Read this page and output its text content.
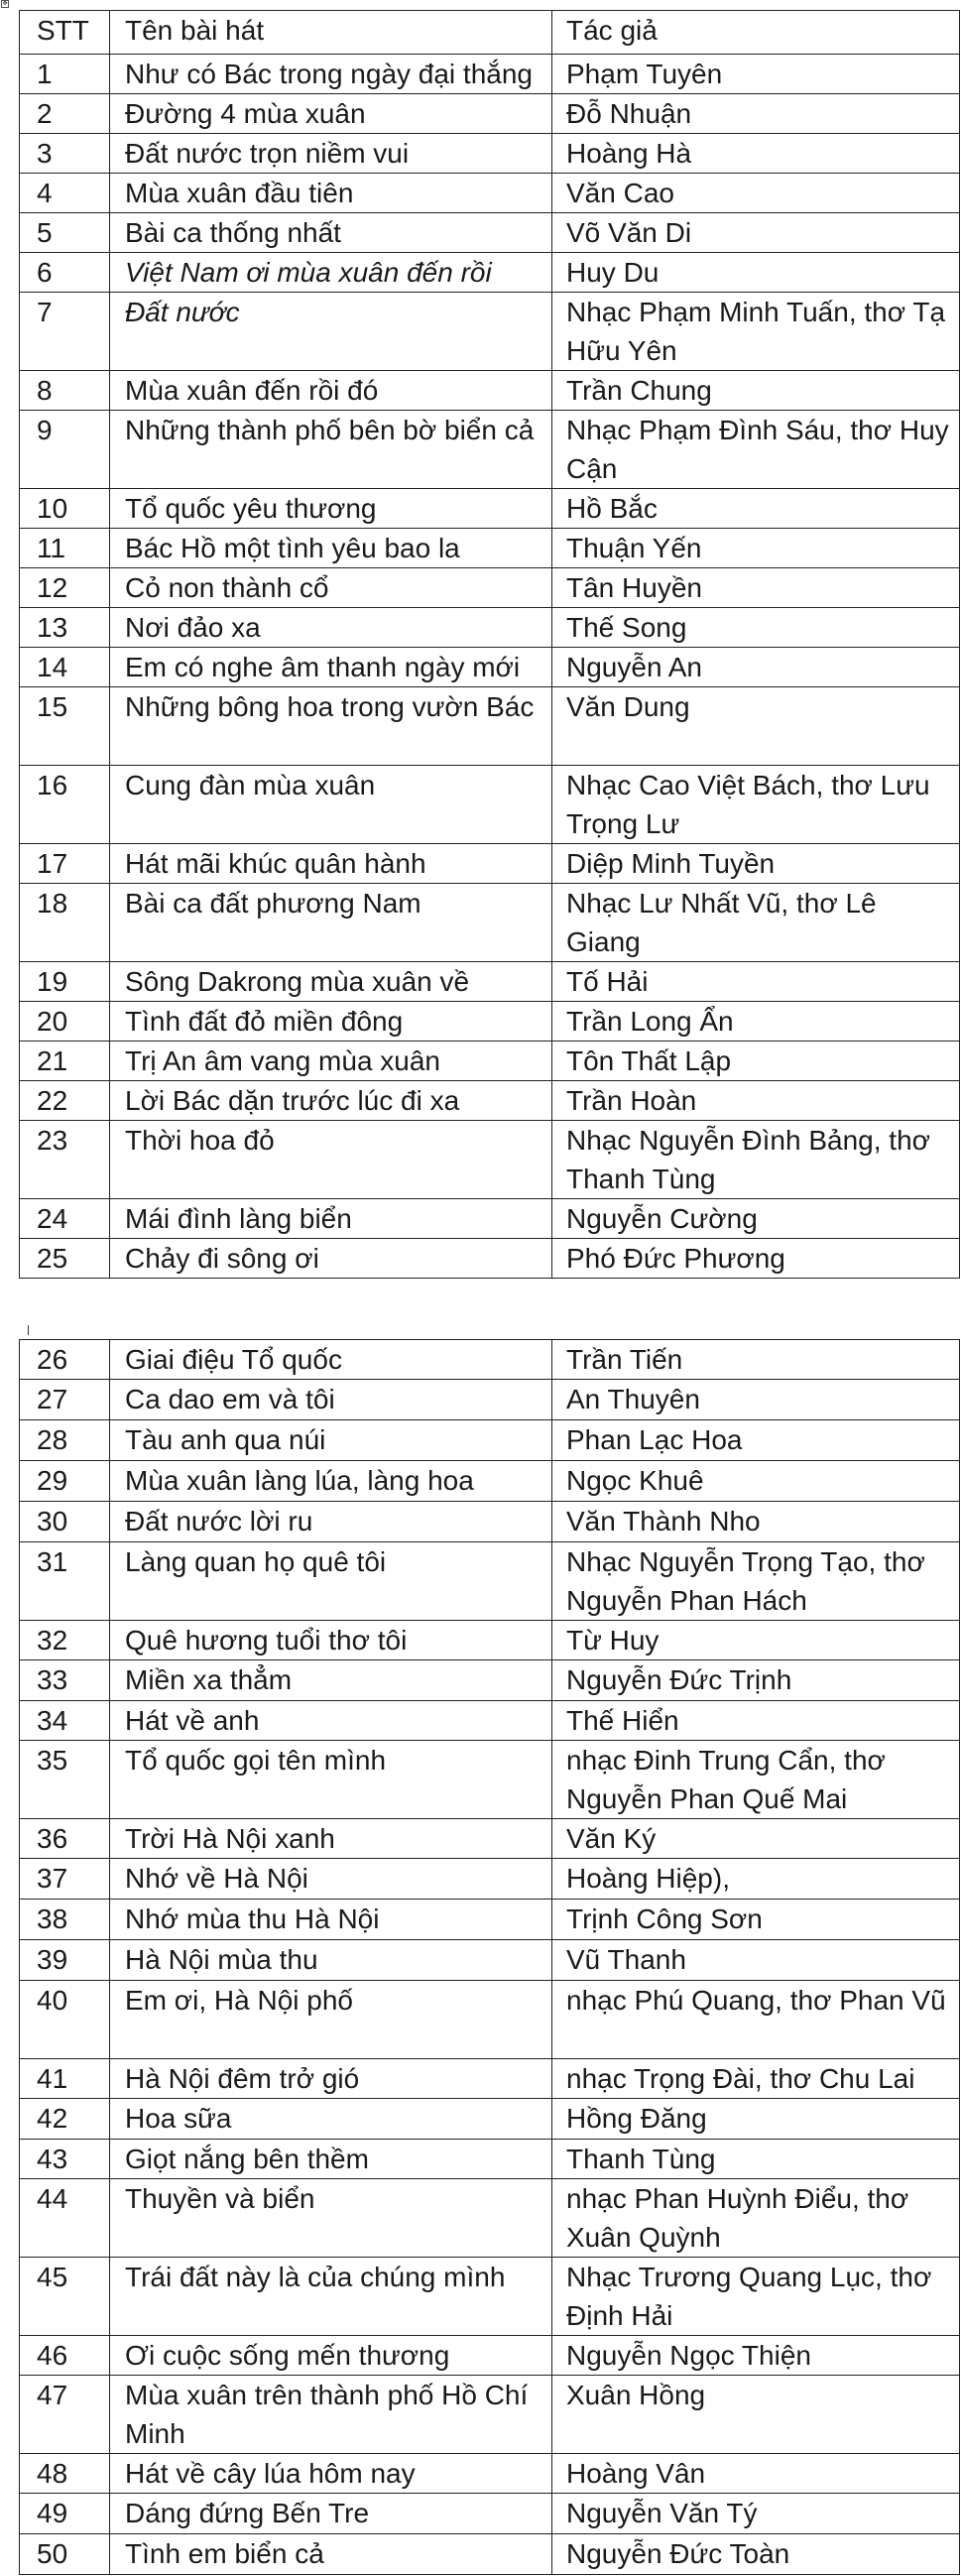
✥
STT	Tên bài hát	Tác giả
1	Như có Bác trong ngày đại thắng	Phạm Tuyên
2	Đường 4 mùa xuân	Đỗ Nhuận
3	Đất nước trọn niềm vui	Hoàng Hà
4	Mùa xuân đầu tiên	Văn Cao
5	Bài ca thống nhất	Võ Văn Di
6	Việt Nam ơi mùa xuân đến rồi	Huy Du
7	Đất nước	Nhạc Phạm Minh Tuấn, thơ Tạ Hữu Yên
8	Mùa xuân đến rồi đó	Trần Chung
9	Những thành phố bên bờ biển cả	Nhạc Phạm Đình Sáu, thơ Huy Cận
10	Tổ quốc yêu thương	Hồ Bắc
11	Bác Hồ một tình yêu bao la	Thuận Yến
12	Cỏ non thành cổ	Tân Huyền
13	Nơi đảo xa	Thế Song
14	Em có nghe âm thanh ngày mới	Nguyễn An
15	Những bông hoa trong vườn Bác	Văn Dung
16	Cung đàn mùa xuân	Nhạc Cao Việt Bách, thơ Lưu Trọng Lư
17	Hát mãi khúc quân hành	Diệp Minh Tuyền
18	Bài ca đất phương Nam	Nhạc Lư Nhất Vũ, thơ Lê Giang
19	Sông Dakrong mùa xuân về	Tố Hải
20	Tình đất đỏ miền đông	Trần Long Ẩn
21	Trị An âm vang mùa xuân	Tôn Thất Lập
22	Lời Bác dặn trước lúc đi xa	Trần Hoàn
23	Thời hoa đỏ	Nhạc Nguyễn Đình Bảng, thơ Thanh Tùng
24	Mái đình làng biển	Nguyễn Cường
25	Chảy đi sông ơi	Phó Đức Phương
26	Giai điệu Tổ quốc	Trần Tiến
27	Ca dao em và tôi	An Thuyên
28	Tàu anh qua núi	Phan Lạc Hoa
29	Mùa xuân làng lúa, làng hoa	Ngọc Khuê
30	Đất nước lời ru	Văn Thành Nho
31	Làng quan họ quê tôi	Nhạc Nguyễn Trọng Tạo, thơ Nguyễn Phan Hách
32	Quê hương tuổi thơ tôi	Từ Huy
33	Miền xa thẳm	Nguyễn Đức Trịnh
34	Hát về anh	Thế Hiển
35	Tổ quốc gọi tên mình	nhạc Đinh Trung Cẩn, thơ Nguyễn Phan Quế Mai
36	Trời Hà Nội xanh	Văn Ký
37	Nhớ về Hà Nội	Hoàng Hiệp),
38	Nhớ mùa thu Hà Nội	Trịnh Công Sơn
39	Hà Nội mùa thu	Vũ Thanh
40	Em ơi, Hà Nội phố	nhạc Phú Quang, thơ Phan Vũ
41	Hà Nội đêm trở gió	nhạc Trọng Đài, thơ Chu Lai
42	Hoa sữa	Hồng Đăng
43	Giọt nắng bên thềm	Thanh Tùng
44	Thuyền và biển	nhạc Phan Huỳnh Điểu, thơ Xuân Quỳnh
45	Trái đất này là của chúng mình	Nhạc Trương Quang Lục, thơ Định Hải
46	Ơi cuộc sống mến thương	Nguyễn Ngọc Thiện
47	Mùa xuân trên thành phố Hồ Chí Minh	Xuân Hồng
48	Hát về cây lúa hôm nay	Hoàng Vân
49	Dáng đứng Bến Tre	Nguyễn Văn Tý
50	Tình em biển cả	Nguyễn Đức Toàn
